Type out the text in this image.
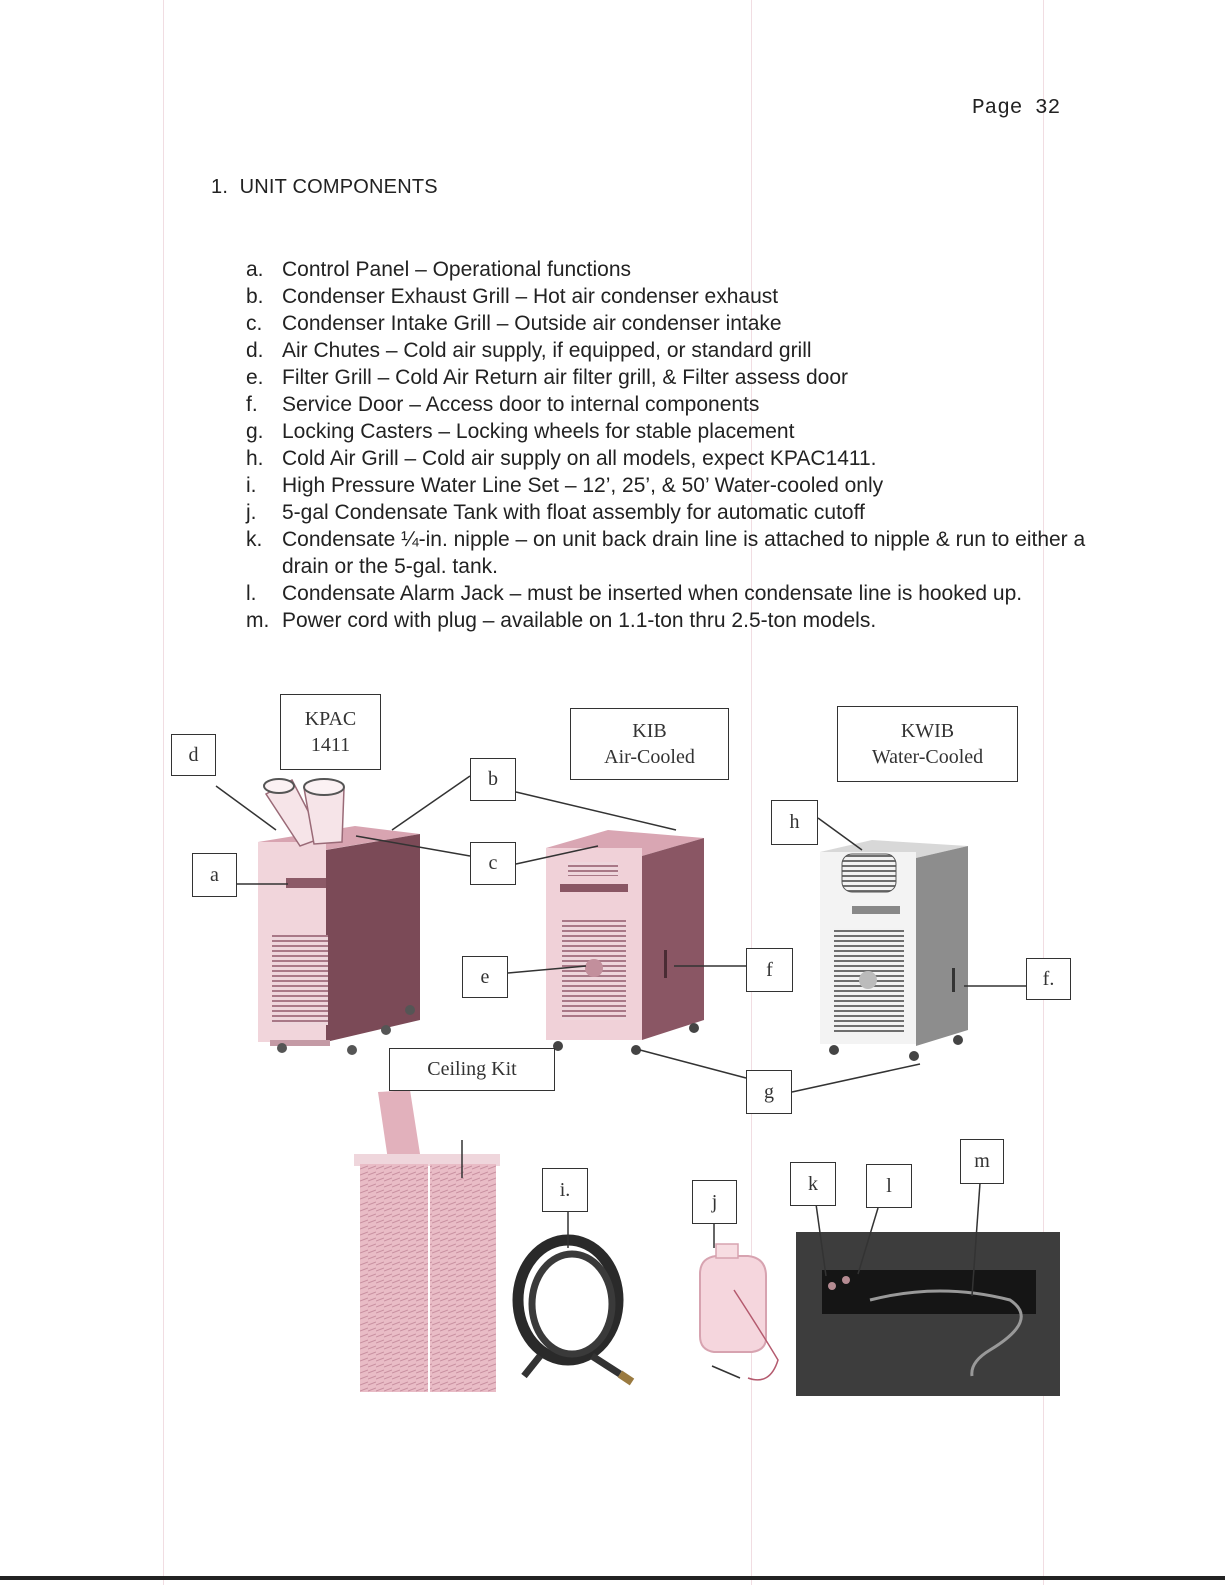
Page 32
1. UNIT COMPONENTS
a. Control Panel – Operational functions
b. Condenser Exhaust Grill – Hot air condenser exhaust
c. Condenser Intake Grill – Outside air condenser intake
d. Air Chutes – Cold air supply, if equipped, or standard grill
e. Filter Grill – Cold Air Return air filter grill, & Filter assess door
f. Service Door – Access door to internal components
g. Locking Casters – Locking wheels for stable placement
h. Cold Air Grill – Cold air supply on all models, expect KPAC1411.
i. High Pressure Water Line Set – 12’, 25’, & 50’ Water-cooled only
j. 5-gal Condensate Tank with float assembly for automatic cutoff
k. Condensate ¼-in. nipple – on unit back drain line is attached to nipple & run to either a drain or the 5-gal. tank.
l. Condensate Alarm Jack – must be inserted when condensate line is hooked up.
m. Power cord with plug – available on 1.1-ton thru 2.5-ton models.
KPAC
1411
KIB
Air-Cooled
KWIB
Water-Cooled
Ceiling Kit
d
a
b
c
e	f	f.
g
h
i.
j
k	l
m
